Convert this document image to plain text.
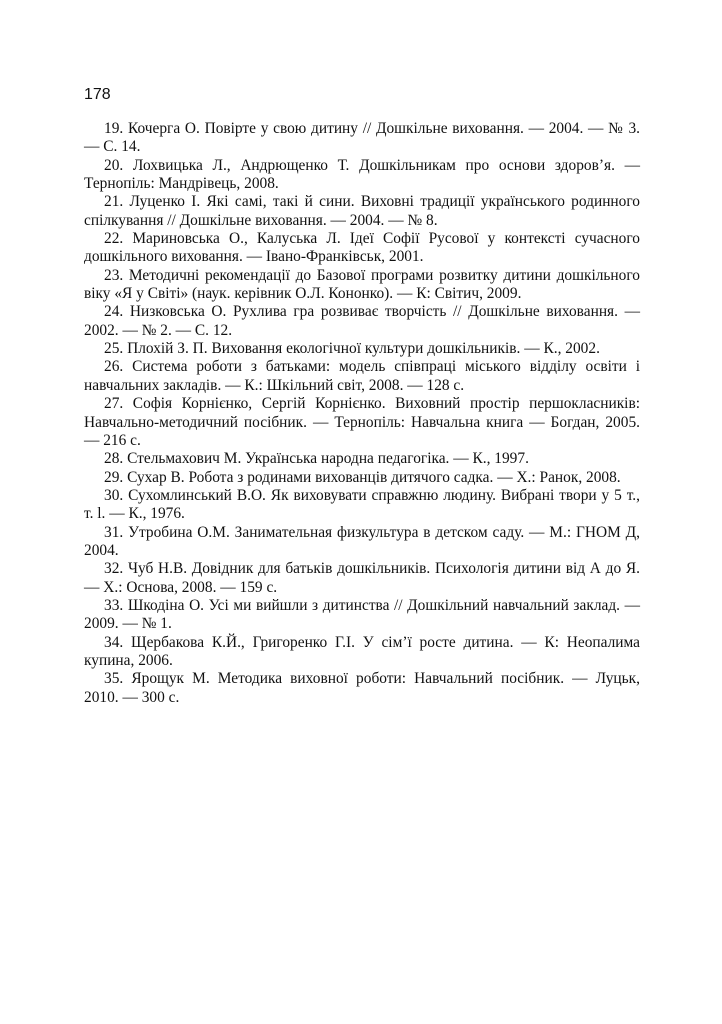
178

19. Кочерга О. Повірте у свою дитину // Дошкільне виховання. — 2004. — № 3. — С. 14.
20. Лохвицька Л., Андрющенко Т. Дошкільникам про основи здоров’я. — Тернопіль: Мандрівець, 2008.
21. Луценко І. Які самі, такі й сини. Виховні традиції українського родинного спілкування // Дошкільне виховання. — 2004. — № 8.
22. Мариновська О., Калуська Л. Ідеї Софії Русової у контексті сучасного дошкільного виховання. — Івано-Франківськ, 2001.
23. Методичні рекомендації до Базової програми розвитку дитини дошкільного віку «Я у Світі» (наук. керівник О.Л. Кононко). — К: Світич, 2009.
24. Низковська О. Рухлива гра розвиває творчість // Дошкільне виховання. — 2002. — № 2. — С. 12.
25. Плохій З. П. Виховання екологічної культури дошкільників. — К., 2002.
26. Система роботи з батьками: модель співпраці міського відділу освіти і навчальних закладів. — К.: Шкільний світ, 2008. — 128 с.
27. Софія Корнієнко, Сергій Корнієнко. Виховний простір першокласників: Навчально-методичний посібник. — Тернопіль: Навчальна книга — Богдан, 2005. — 216 с.
28. Стельмахович М. Українська народна педагогіка. — К., 1997.
29. Сухар В. Робота з родинами вихованців дитячого садка. — Х.: Ранок, 2008.
30. Сухомлинський В.О. Як виховувати справжню людину. Вибрані твори у 5 т., т. l. — К., 1976.
31. Утробина О.М. Занимательная физкультура в детском саду. — М.: ГНОМ Д, 2004.
32. Чуб Н.В. Довідник для батьків дошкільників. Психологія дитини від А до Я. — Х.: Основа, 2008. — 159 с.
33. Шкодіна О. Усі ми вийшли з дитинства // Дошкільний навчальний заклад. — 2009. — № 1.
34. Щербакова К.Й., Григоренко Г.І. У сім’ї росте дитина. — К: Неопалима купина, 2006.
35. Ярощук М. Методика виховної роботи: Навчальний посібник. — Луцьк, 2010. — 300 с.
